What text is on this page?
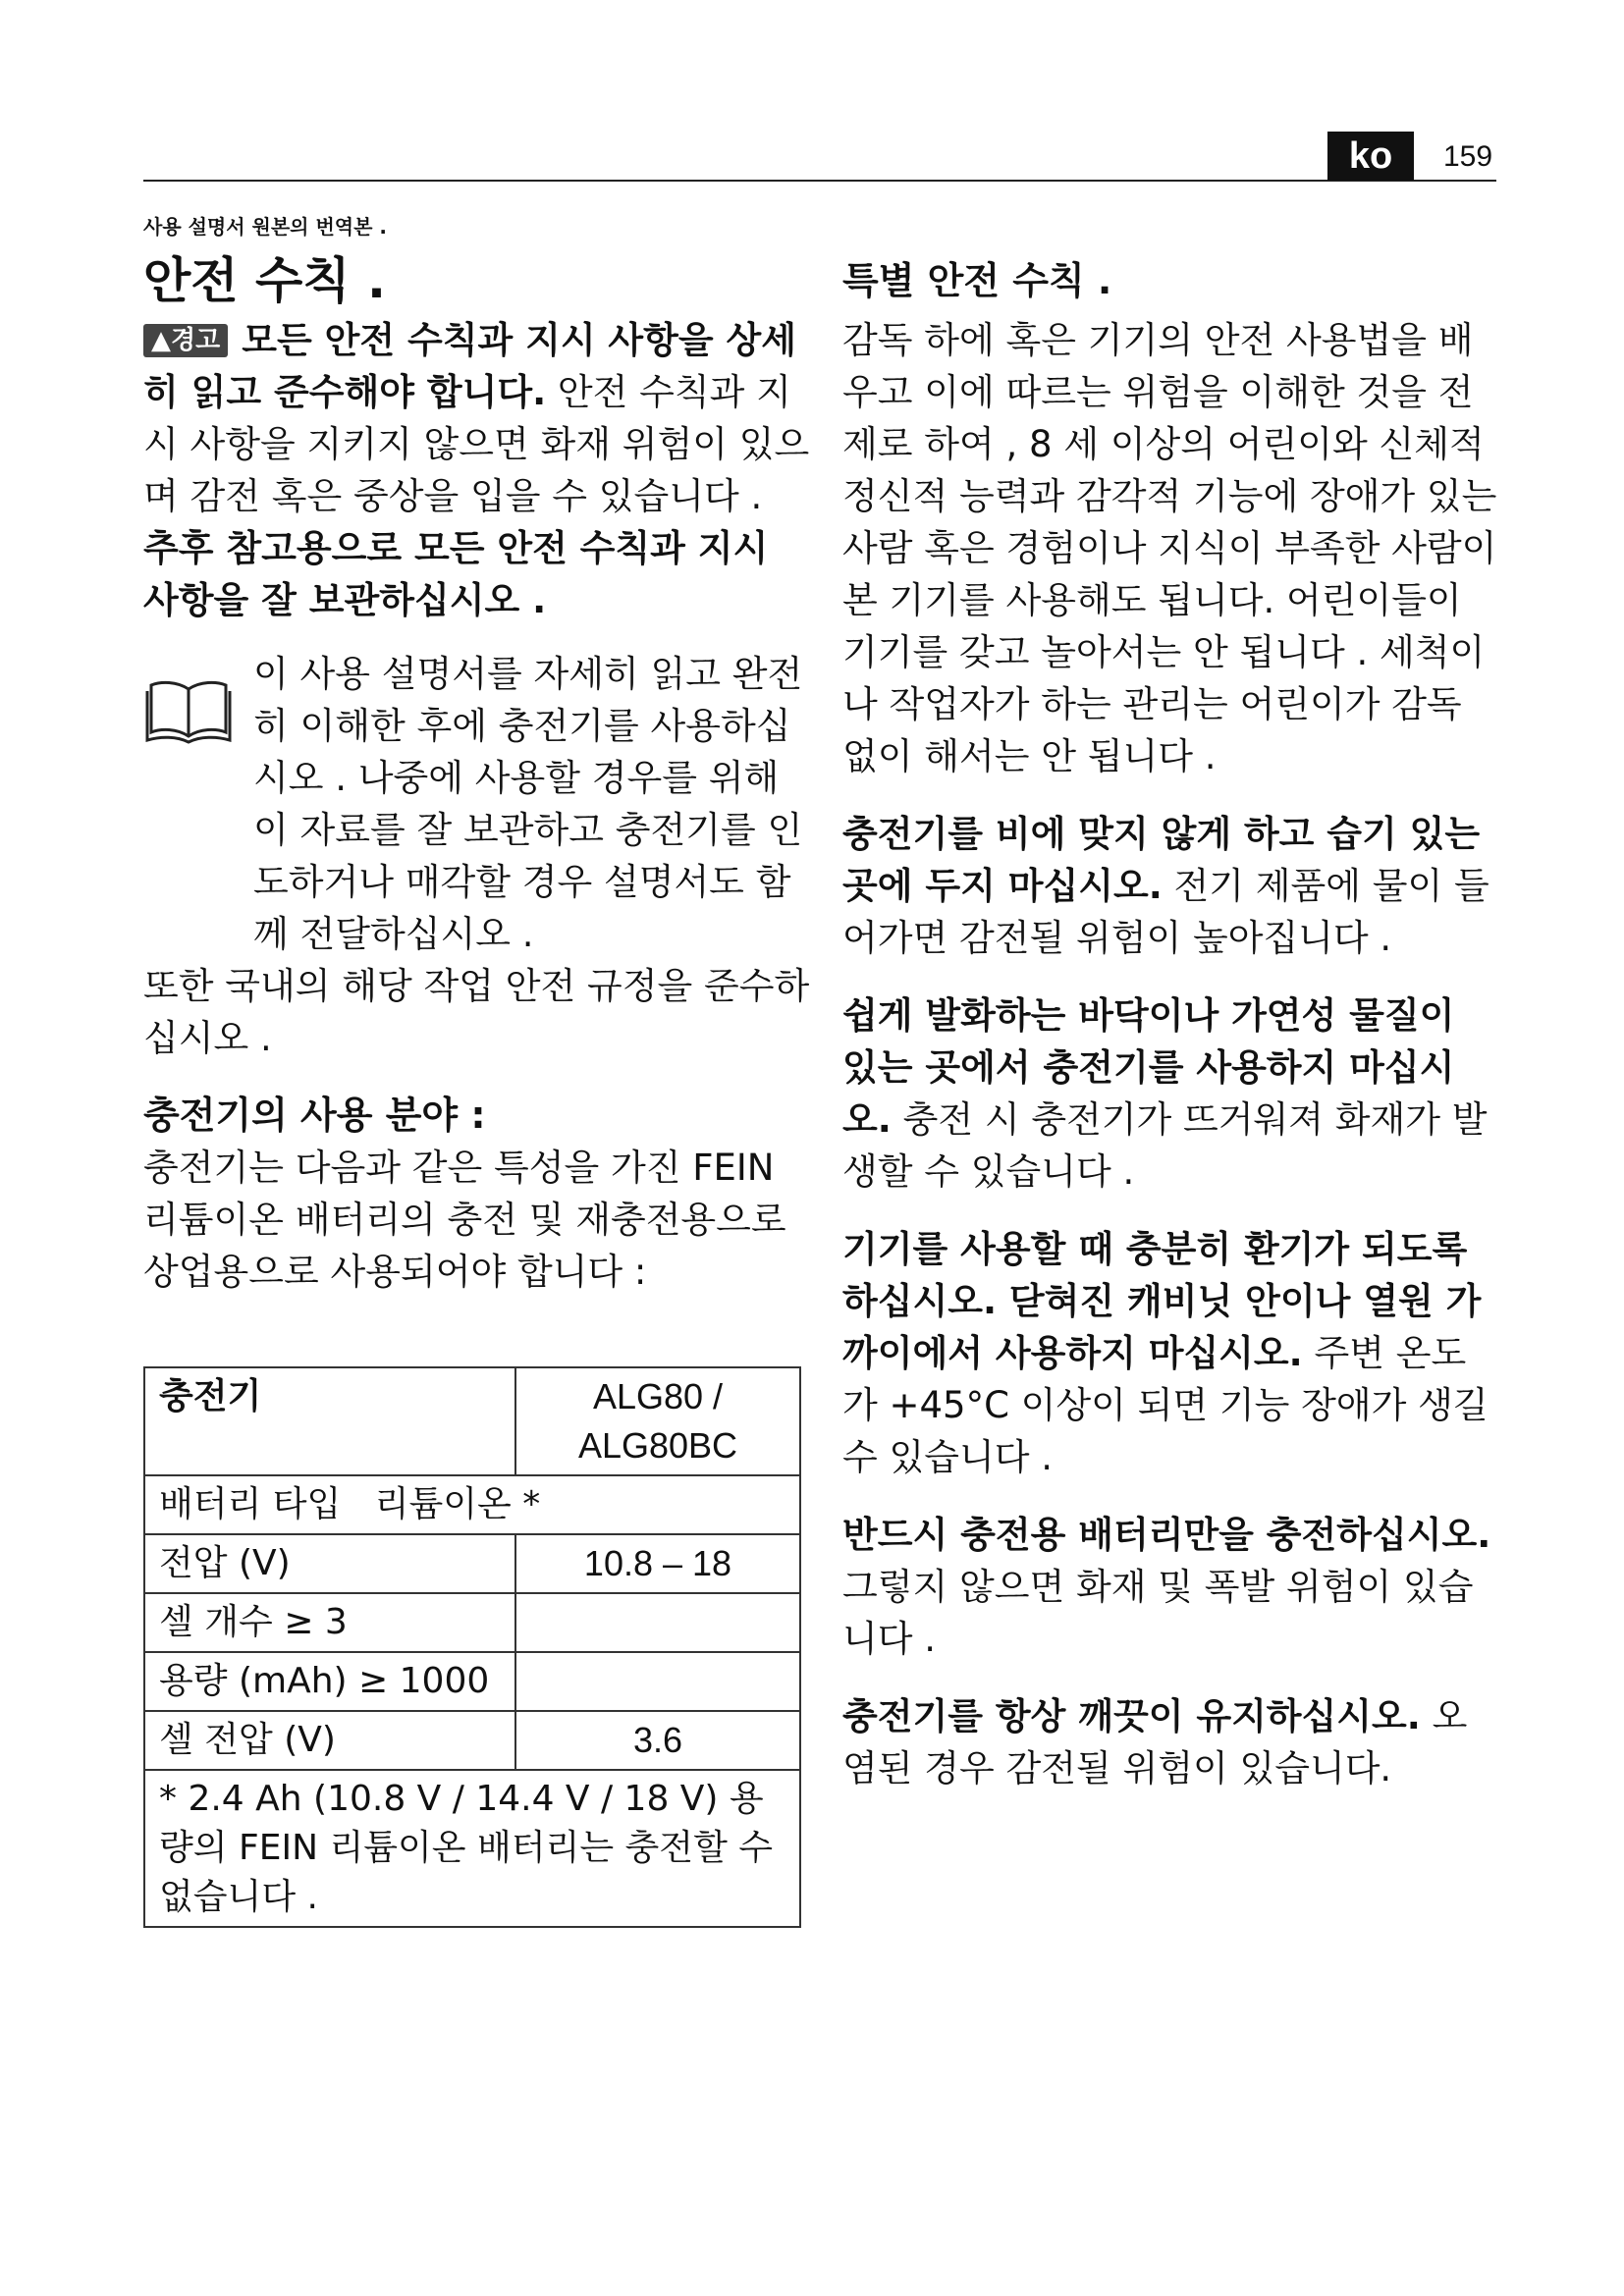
ko	159
사용 설명서 원본의 번역본 .

안전 수칙 .

▲경고 모든 안전 수칙과 지시 사항을 상세히 읽고 준수해야 합니다. 안전 수칙과 지시 사항을 지키지 않으면 화재 위험이 있으며 감전 혹은 중상을 입을 수 있습니다 .

추후 참고용으로 모든 안전 수칙과 지시 사항을 잘 보관하십시오 .

이 사용 설명서를 자세히 읽고 완전히 이해한 후에 충전기를 사용하십시오 . 나중에 사용할 경우를 위해 이 자료를 잘 보관하고 충전기를 인도하거나 매각할 경우 설명서도 함께 전달하십시오 .

또한 국내의 해당 작업 안전 규정을 준수하십시오 .

충전기의 사용 분야 :

충전기는 다음과 같은 특성을 가진 FEIN 리튬이온 배터리의 충전 및 재충전용으로 상업용으로 사용되어야 합니다 :

충전기	ALG80 / ALG80BC
배터리 타입 리튬이온 *	
전압 (V)	10.8 – 18
셀 개수 ≥ 3	
용량 (mAh) ≥ 1000	
셀 전압 (V)	3.6
* 2.4 Ah (10.8 V / 14.4 V / 18 V) 용량의 FEIN 리튬이온 배터리는 충전할 수 없습니다 .	

특별 안전 수칙 .

감독 하에 혹은 기기의 안전 사용법을 배우고 이에 따르는 위험을 이해한 것을 전제로 하여 , 8 세 이상의 어린이와 신체적 정신적 능력과 감각적 기능에 장애가 있는 사람 혹은 경험이나 지식이 부족한 사람이 본 기기를 사용해도 됩니다. 어린이들이 기기를 갖고 놀아서는 안 됩니다 . 세척이나 작업자가 하는 관리는 어린이가 감독 없이 해서는 안 됩니다 .

충전기를 비에 맞지 않게 하고 습기 있는 곳에 두지 마십시오. 전기 제품에 물이 들어가면 감전될 위험이 높아집니다 .

쉽게 발화하는 바닥이나 가연성 물질이 있는 곳에서 충전기를 사용하지 마십시오. 충전 시 충전기가 뜨거워져 화재가 발생할 수 있습니다 .

기기를 사용할 때 충분히 환기가 되도록 하십시오. 닫혀진 캐비닛 안이나 열원 가까이에서 사용하지 마십시오. 주변 온도가 +45°C 이상이 되면 기능 장애가 생길 수 있습니다 .

반드시 충전용 배터리만을 충전하십시오. 그렇지 않으면 화재 및 폭발 위험이 있습니다 .

충전기를 항상 깨끗이 유지하십시오. 오염된 경우 감전될 위험이 있습니다.
